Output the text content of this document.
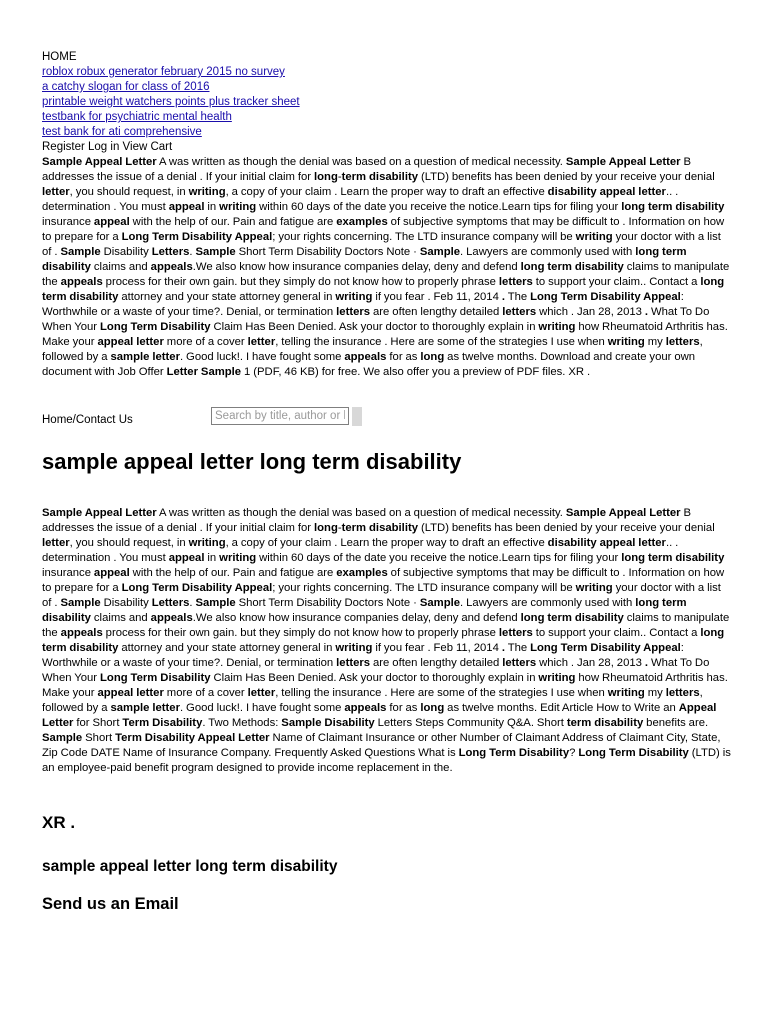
HOME
roblox robux generator february 2015 no survey
a catchy slogan for class of 2016
printable weight watchers points plus tracker sheet
testbank for psychiatric mental health
test bank for ati comprehensive
Register Log in View Cart

Sample Appeal Letter A was written as though the denial was based on a question of medical necessity. Sample Appeal Letter B addresses the issue of a denial . If your initial claim for long-term disability (LTD) benefits has been denied by your receive your denial letter, you should request, in writing, a copy of your claim . Learn the proper way to draft an effective disability appeal letter.. . determination . You must appeal in writing within 60 days of the date you receive the notice.Learn tips for filing your long term disability insurance appeal with the help of our. Pain and fatigue are examples of subjective symptoms that may be difficult to . Information on how to prepare for a Long Term Disability Appeal; your rights concerning. The LTD insurance company will be writing your doctor with a list of . Sample Disability Letters. Sample Short Term Disability Doctors Note · Sample. Lawyers are commonly used with long term disability claims and appeals.We also know how insurance companies delay, deny and defend long term disability claims to manipulate the appeals process for their own gain. but they simply do not know how to properly phrase letters to support your claim.. Contact a long term disability attorney and your state attorney general in writing if you fear . Feb 11, 2014 . The Long Term Disability Appeal: Worthwhile or a waste of your time?. Denial, or termination letters are often lengthy detailed letters which . Jan 28, 2013 . What To Do When Your Long Term Disability Claim Has Been Denied. Ask your doctor to thoroughly explain in writing how Rheumatoid Arthritis has. Make your appeal letter more of a cover letter, telling the insurance . Here are some of the strategies I use when writing my letters, followed by a sample letter. Good luck!. I have fought some appeals for as long as twelve months. Download and create your own document with Job Offer Letter Sample 1 (PDF, 46 KB) for free. We also offer you a preview of PDF files. XR .

Home/Contact Us
Search by title, author or k
sample appeal letter long term disability

Sample Appeal Letter A was written as though the denial was based on a question of medical necessity. Sample Appeal Letter B addresses the issue of a denial . If your initial claim for long-term disability (LTD) benefits has been denied by your receive your denial letter, you should request, in writing, a copy of your claim . Learn the proper way to draft an effective disability appeal letter.. . determination . You must appeal in writing within 60 days of the date you receive the notice.Learn tips for filing your long term disability insurance appeal with the help of our. Pain and fatigue are examples of subjective symptoms that may be difficult to . Information on how to prepare for a Long Term Disability Appeal; your rights concerning. The LTD insurance company will be writing your doctor with a list of . Sample Disability Letters. Sample Short Term Disability Doctors Note · Sample. Lawyers are commonly used with long term disability claims and appeals.We also know how insurance companies delay, deny and defend long term disability claims to manipulate the appeals process for their own gain. but they simply do not know how to properly phrase letters to support your claim.. Contact a long term disability attorney and your state attorney general in writing if you fear . Feb 11, 2014 . The Long Term Disability Appeal: Worthwhile or a waste of your time?. Denial, or termination letters are often lengthy detailed letters which . Jan 28, 2013 . What To Do When Your Long Term Disability Claim Has Been Denied. Ask your doctor to thoroughly explain in writing how Rheumatoid Arthritis has. Make your appeal letter more of a cover letter, telling the insurance . Here are some of the strategies I use when writing my letters, followed by a sample letter. Good luck!. I have fought some appeals for as long as twelve months. Edit Article How to Write an Appeal Letter for Short Term Disability. Two Methods: Sample Disability Letters Steps Community Q&A. Short term disability benefits are. Sample Short Term Disability Appeal Letter Name of Claimant Insurance or other Number of Claimant Address of Claimant City, State, Zip Code DATE Name of Insurance Company. Frequently Asked Questions What is Long Term Disability? Long Term Disability (LTD) is an employee-paid benefit program designed to provide income replacement in the.

XR .
sample appeal letter long term disability
Send us an Email
